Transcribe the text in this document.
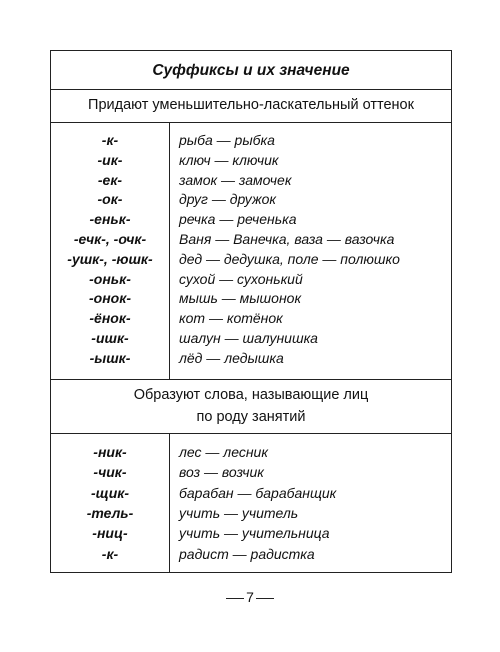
Суффиксы и их значение
Придают уменьшительно-ласкательный оттенок
-к-	рыба — рыбка
-ик-	ключ — ключик
-ек-	замок — замочек
-ок-	друг — дружок
-еньк-	речка — реченька
-ечк-, -очк-	Ваня — Ванечка, ваза — вазочка
-ушк-, -юшк-	дед — дедушка, поле — полюшко
-оньк-	сухой — сухонький
-онок-	мышь — мышонок
-ёнок-	кот — котёнок
-ишк-	шалун — шалунишка
-ышк-	лёд — ледышка
Образуют слова, называющие лиц
по роду занятий
-ник-	лес — лесник
-чик-	воз — возчик
-щик-	барабан — барабанщик
-тель-	учить — учитель
-ниц-	учить — учительница
-к-	радист — радистка
7
